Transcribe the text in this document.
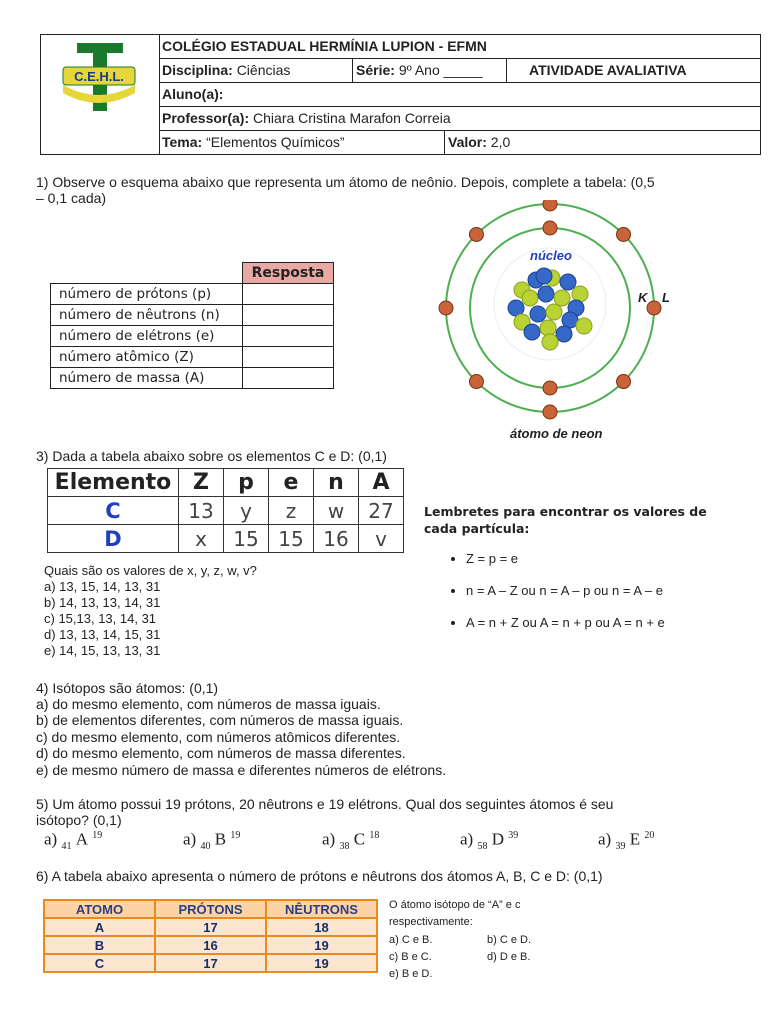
C.E.H.L.
COLÉGIO ESTADUAL HERMÍNIA LUPION - EFMN
Disciplina: Ciências	Série: 9º Ano _____	ATIVIDADE AVALIATIVA
Aluno(a):
Professor(a): Chiara Cristina Marafon Correia
Tema: “Elementos Químicos”	Valor: 2,0
1) Observe o esquema abaixo que representa um átomo de neônio. Depois, complete a tabela: (0,5
– 0,1 cada)
	Resposta
número de prótons (p)	
número de nêutrons (n)	
número de elétrons (e)	
número atômico (Z)	
número de massa (A)	
núcleo
K L
átomo de neon
3) Dada a tabela abaixo sobre os elementos C e D: (0,1)
Elemento	Z	p	e	n	A
C	13	y	z	w	27
D	x	15	15	16	v
Quais são os valores de x, y, z, w, v?
a) 13, 15, 14, 13, 31
b) 14, 13, 13, 14, 31
c) 15,13, 13, 14, 31
d) 13, 13, 14, 15, 31
e) 14, 15, 13, 13, 31
Lembretes para encontrar os valores de
cada partícula:
• Z = p = e
• n = A – Z ou n = A – p ou n = A – e
• A = n + Z ou A = n + p ou A = n + e
4) Isótopos são átomos: (0,1)
a) do mesmo elemento, com números de massa iguais.
b) de elementos diferentes, com números de massa iguais.
c) do mesmo elemento, com números atômicos diferentes.
d) do mesmo elemento, com números de massa diferentes.
e) de mesmo número de massa e diferentes números de elétrons.
5) Um átomo possui 19 prótons, 20 nêutrons e 19 elétrons. Qual dos seguintes átomos é seu
isótopo? (0,1)
a) $_{41}$ A $^{19}$	a) $_{40}$ B $^{19}$	a) $_{38}$ C $^{18}$	a) $_{58}$ D $^{39}$	a) $_{39}$ E $^{20}$
6) A tabela abaixo apresenta o número de prótons e nêutrons dos átomos A, B, C e D: (0,1)
ATOMO	PRÓTONS	NÊUTRONS
A	17	18
B	16	19
C	17	19
O átomo isótopo de “A” e c
respectivamente:
a) C e B.	b) C e D.
c) B e C.	d) D e B.
e) B e D.
